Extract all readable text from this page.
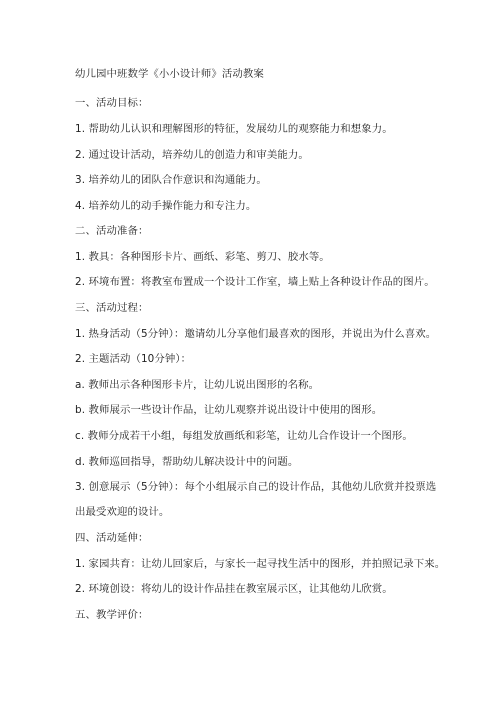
幼儿园中班数学《小小设计师》活动教案
一、活动目标：
1. 帮助幼儿认识和理解图形的特征，发展幼儿的观察能力和想象力。
2. 通过设计活动，培养幼儿的创造力和审美能力。
3. 培养幼儿的团队合作意识和沟通能力。
4. 培养幼儿的动手操作能力和专注力。
二、活动准备：
1. 教具：各种图形卡片、画纸、彩笔、剪刀、胶水等。
2. 环境布置：将教室布置成一个设计工作室，墙上贴上各种设计作品的图片。
三、活动过程：
1. 热身活动（5分钟）：邀请幼儿分享他们最喜欢的图形，并说出为什么喜欢。
2. 主题活动（10分钟）：
a. 教师出示各种图形卡片，让幼儿说出图形的名称。
b. 教师展示一些设计作品，让幼儿观察并说出设计中使用的图形。
c. 教师分成若干小组，每组发放画纸和彩笔，让幼儿合作设计一个图形。
d. 教师巡回指导，帮助幼儿解决设计中的问题。
3. 创意展示（5分钟）：每个小组展示自己的设计作品，其他幼儿欣赏并投票选
出最受欢迎的设计。
四、活动延伸：
1. 家园共育：让幼儿回家后，与家长一起寻找生活中的图形，并拍照记录下来。
2. 环境创设：将幼儿的设计作品挂在教室展示区，让其他幼儿欣赏。
五、教学评价：
